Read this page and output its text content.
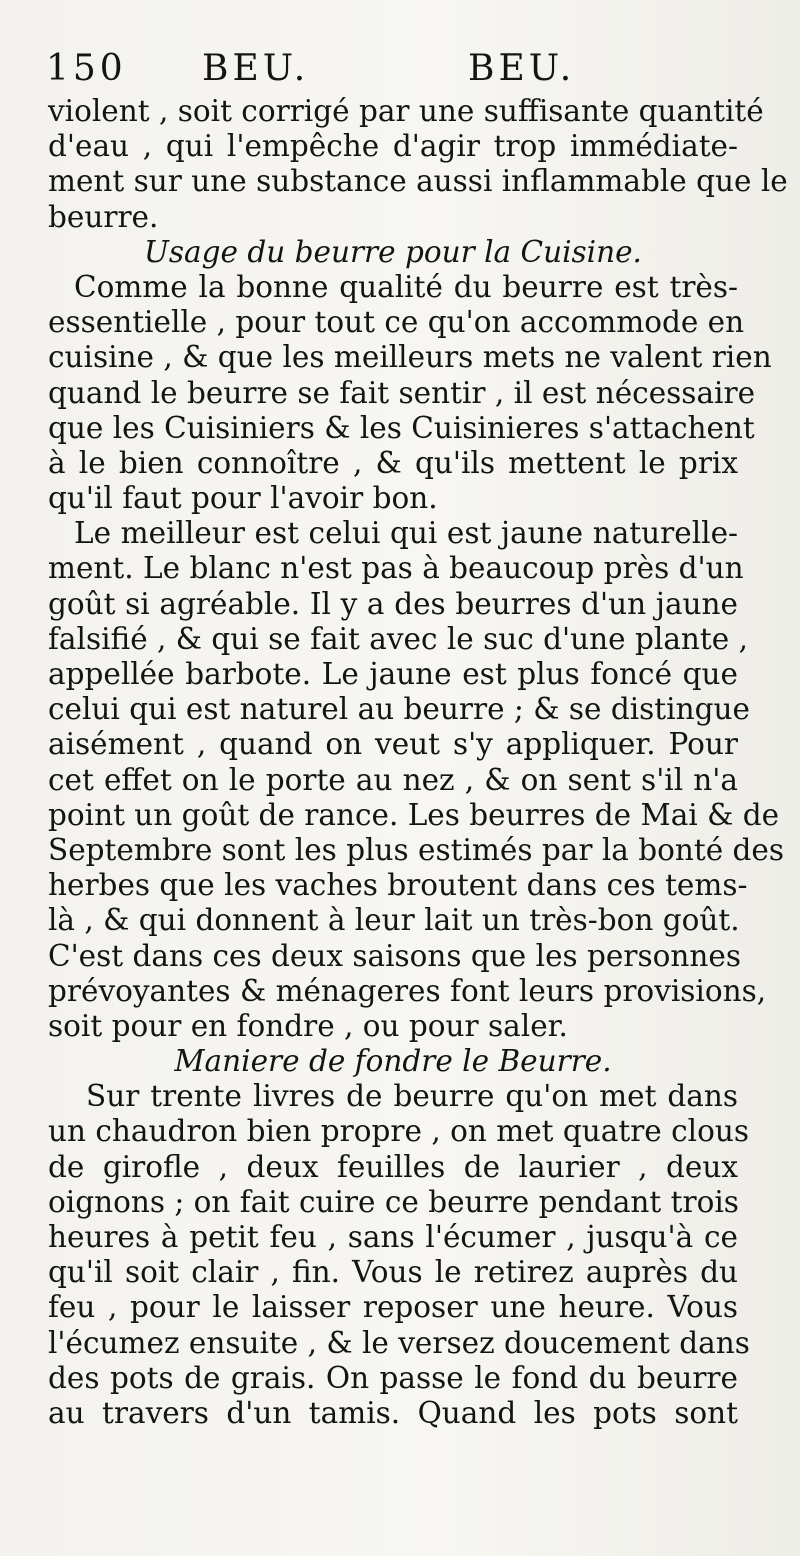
150 BEU.	BEU.
violent , soit corrigé par une suffisante quantité
d'eau , qui l'empêche d'agir trop immédiate-
ment sur une substance aussi inflammable que le
beurre.
Usage du beurre pour la Cuisine.
Comme la bonne qualité du beurre est très-
essentielle , pour tout ce qu'on accommode en
cuisine , & que les meilleurs mets ne valent rien
quand le beurre se fait sentir , il est nécessaire
que les Cuisiniers & les Cuisinieres s'attachent
à le bien connoître , & qu'ils mettent le prix
qu'il faut pour l'avoir bon.
Le meilleur est celui qui est jaune naturelle-
ment. Le blanc n'est pas à beaucoup près d'un
goût si agréable. Il y a des beurres d'un jaune
falsifié , & qui se fait avec le suc d'une plante ,
appellée barbote. Le jaune est plus foncé que
celui qui est naturel au beurre ; & se distingue
aisément , quand on veut s'y appliquer. Pour
cet effet on le porte au nez , & on sent s'il n'a
point un goût de rance. Les beurres de Mai & de
Septembre sont les plus estimés par la bonté des
herbes que les vaches broutent dans ces tems-
là , & qui donnent à leur lait un très-bon goût.
C'est dans ces deux saisons que les personnes
prévoyantes & ménageres font leurs provisions,
soit pour en fondre , ou pour saler.
Maniere de fondre le Beurre.
Sur trente livres de beurre qu'on met dans
un chaudron bien propre , on met quatre clous
de girofle , deux feuilles de laurier , deux
oignons ; on fait cuire ce beurre pendant trois
heures à petit feu , sans l'écumer , jusqu'à ce
qu'il soit clair , fin. Vous le retirez auprès du
feu , pour le laisser reposer une heure. Vous
l'écumez ensuite , & le versez doucement dans
des pots de grais. On passe le fond du beurre
au travers d'un tamis. Quand les pots sont
